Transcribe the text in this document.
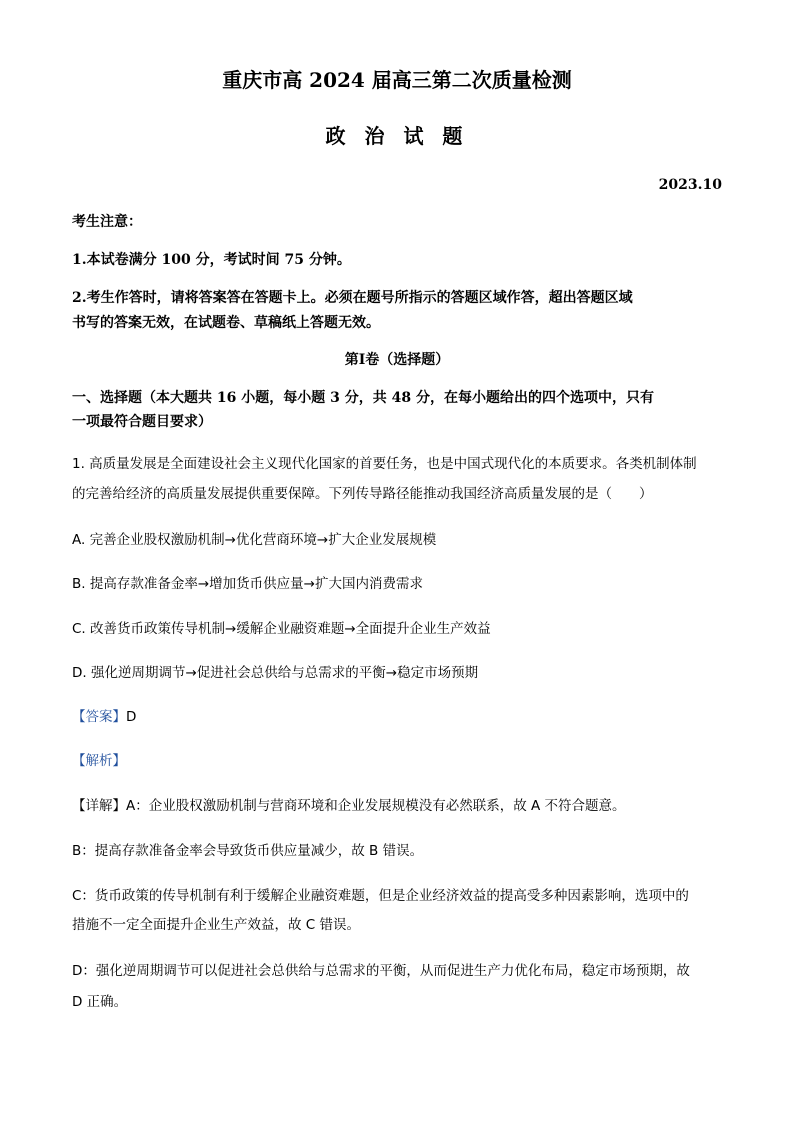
重庆市高 2024 届高三第二次质量检测
政 治 试 题
2023.10
考生注意：
1.本试卷满分 100 分，考试时间 75 分钟。
2.考生作答时，请将答案答在答题卡上。必须在题号所指示的答题区域作答，超出答题区域
书写的答案无效，在试题卷、草稿纸上答题无效。
第Ⅰ卷（选择题）
一、选择题（本大题共 16 小题，每小题 3 分，共 48 分，在每小题给出的四个选项中，只有
一项最符合题目要求）
1. 高质量发展是全面建设社会主义现代化国家的首要任务，也是中国式现代化的本质要求。各类机制体制
的完善给经济的高质量发展提供重要保障。下列传导路径能推动我国经济高质量发展的是（　　）
A. 完善企业股权激励机制→优化营商环境→扩大企业发展规模
B. 提高存款准备金率→增加货币供应量→扩大国内消费需求
C. 改善货币政策传导机制→缓解企业融资难题→全面提升企业生产效益
D. 强化逆周期调节→促进社会总供给与总需求的平衡→稳定市场预期
【答案】D
【解析】
【详解】A：企业股权激励机制与营商环境和企业发展规模没有必然联系，故 A 不符合题意。
B：提高存款准备金率会导致货币供应量减少，故 B 错误。
C：货币政策的传导机制有利于缓解企业融资难题，但是企业经济效益的提高受多种因素影响，选项中的
措施不一定全面提升企业生产效益，故 C 错误。
D：强化逆周期调节可以促进社会总供给与总需求的平衡，从而促进生产力优化布局，稳定市场预期，故
D 正确。
